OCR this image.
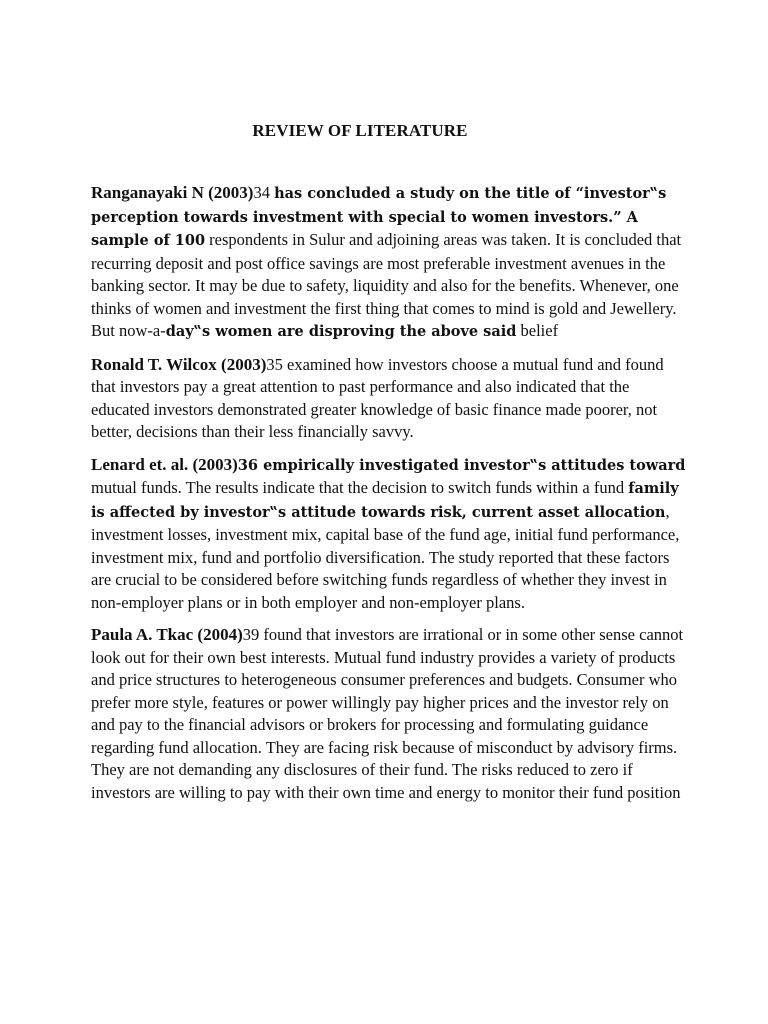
REVIEW OF LITERATURE

Ranganayaki N (2003)34 has concluded a study on the title of “investor‟s perception towards investment with special to women investors.” A sample of 100 respondents in Sulur and adjoining areas was taken. It is concluded that recurring deposit and post office savings are most preferable investment avenues in the banking sector. It may be due to safety, liquidity and also for the benefits. Whenever, one thinks of women and investment the first thing that comes to mind is gold and Jewellery. But now-a-day‟s women are disproving the above said belief

Ronald T. Wilcox (2003)35 examined how investors choose a mutual fund and found that investors pay a great attention to past performance and also indicated that the educated investors demonstrated greater knowledge of basic finance made poorer, not better, decisions than their less financially savvy.

Lenard et. al. (2003)36 empirically investigated investor‟s attitudes toward mutual funds. The results indicate that the decision to switch funds within a fund family is affected by investor‟s attitude towards risk, current asset allocation, investment losses, investment mix, capital base of the fund age, initial fund performance, investment mix, fund and portfolio diversification. The study reported that these factors are crucial to be considered before switching funds regardless of whether they invest in non-employer plans or in both employer and non-employer plans.

Paula A. Tkac (2004)39 found that investors are irrational or in some other sense cannot look out for their own best interests. Mutual fund industry provides a variety of products and price structures to heterogeneous consumer preferences and budgets. Consumer who prefer more style, features or power willingly pay higher prices and the investor rely on and pay to the financial advisors or brokers for processing and formulating guidance regarding fund allocation. They are facing risk because of misconduct by advisory firms. They are not demanding any disclosures of their fund. The risks reduced to zero if investors are willing to pay with their own time and energy to monitor their fund position
